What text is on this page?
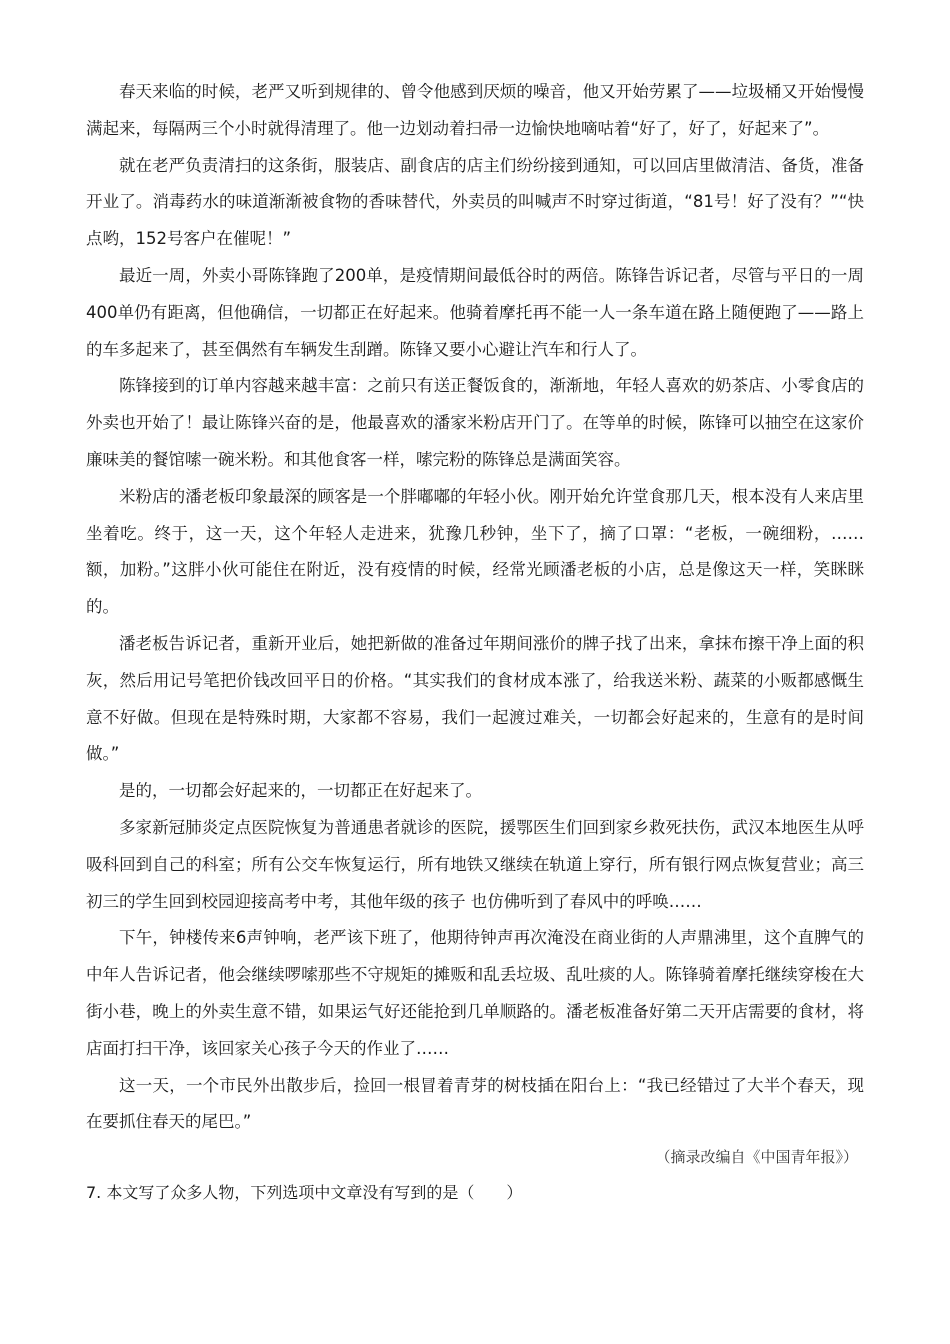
春天来临的时候，老严又听到规律的、曾令他感到厌烦的噪音，他又开始劳累了——垃圾桶又开始慢慢满起来，每隔两三个小时就得清理了。他一边划动着扫帚一边愉快地嘀咕着“好了，好了，好起来了”。

就在老严负责清扫的这条街，服装店、副食店的店主们纷纷接到通知，可以回店里做清洁、备货，准备开业了。消毒药水的味道渐渐被食物的香味替代，外卖员的叫喊声不时穿过街道，“81号！好了没有？”“快点哟，152号客户在催呢！”

最近一周，外卖小哥陈锋跑了200单，是疫情期间最低谷时的两倍。陈锋告诉记者，尽管与平日的一周400单仍有距离，但他确信，一切都正在好起来。他骑着摩托再不能一人一条车道在路上随便跑了——路上的车多起来了，甚至偶然有车辆发生刮蹭。陈锋又要小心避让汽车和行人了。

陈锋接到的订单内容越来越丰富：之前只有送正餐饭食的，渐渐地，年轻人喜欢的奶茶店、小零食店的外卖也开始了！最让陈锋兴奋的是，他最喜欢的潘家米粉店开门了。在等单的时候，陈锋可以抽空在这家价廉味美的餐馆嗦一碗米粉。和其他食客一样，嗦完粉的陈锋总是满面笑容。

米粉店的潘老板印象最深的顾客是一个胖嘟嘟的年轻小伙。刚开始允许堂食那几天，根本没有人来店里坐着吃。终于，这一天，这个年轻人走进来，犹豫几秒钟，坐下了，摘了口罩：“老板，一碗细粉，……额，加粉。”这胖小伙可能住在附近，没有疫情的时候，经常光顾潘老板的小店，总是像这天一样，笑眯眯的。

潘老板告诉记者，重新开业后，她把新做的准备过年期间涨价的牌子找了出来，拿抹布擦干净上面的积灰，然后用记号笔把价钱改回平日的价格。“其实我们的食材成本涨了，给我送米粉、蔬菜的小贩都感慨生意不好做。但现在是特殊时期，大家都不容易，我们一起渡过难关，一切都会好起来的，生意有的是时间做。”

是的，一切都会好起来的，一切都正在好起来了。

多家新冠肺炎定点医院恢复为普通患者就诊的医院，援鄂医生们回到家乡救死扶伤，武汉本地医生从呼吸科回到自己的科室；所有公交车恢复运行，所有地铁又继续在轨道上穿行，所有银行网点恢复营业；高三初三的学生回到校园迎接高考中考，其他年级的孩子 也仿佛听到了春风中的呼唤……

下午，钟楼传来6声钟响，老严该下班了，他期待钟声再次淹没在商业街的人声鼎沸里，这个直脾气的中年人告诉记者，他会继续啰嗦那些不守规矩的摊贩和乱丢垃圾、乱吐痰的人。陈锋骑着摩托继续穿梭在大街小巷，晚上的外卖生意不错，如果运气好还能抢到几单顺路的。潘老板准备好第二天开店需要的食材，将店面打扫干净，该回家关心孩子今天的作业了……

这一天，一个市民外出散步后，捡回一根冒着青芽的树枝插在阳台上：“我已经错过了大半个春天，现在要抓住春天的尾巴。”

（摘录改编自《中国青年报》）
7. 本文写了众多人物，下列选项中文章没有写到的是（　　）
